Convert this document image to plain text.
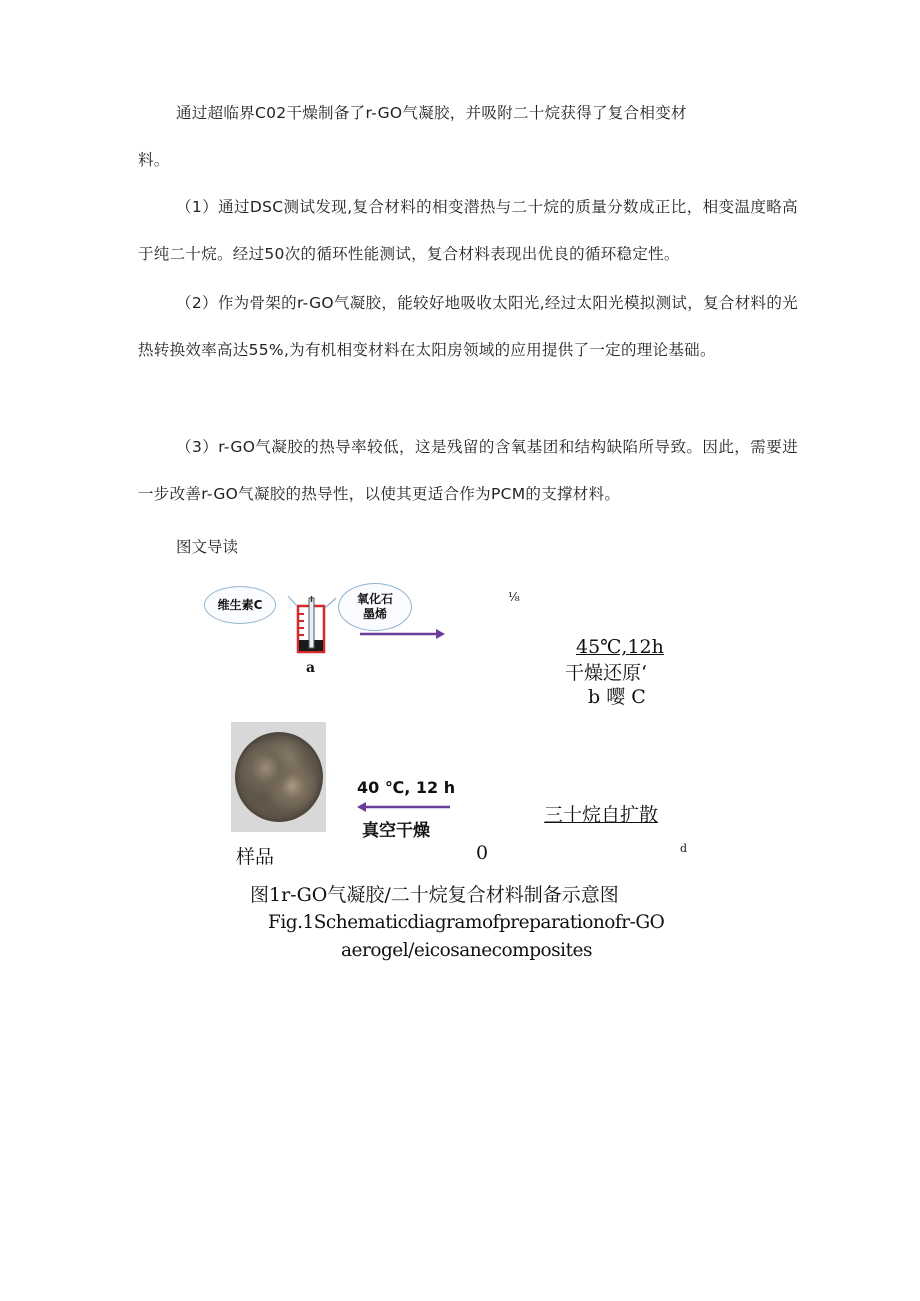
通过超临界C02干燥制备了r-GO气凝胶，并吸附二十烷获得了复合相变材
料。

（1）通过DSC测试发现,复合材料的相变潜热与二十烷的质量分数成正比，相变温度略高于纯二十烷。经过50次的循环性能测试，复合材料表现出优良的循环稳定性。

（2）作为骨架的r-GO气凝胶，能较好地吸收太阳光,经过太阳光模拟测试，复合材料的光热转换效率高达55%,为有机相变材料在太阳房领域的应用提供了一定的理论基础。

（3）r-GO气凝胶的热导率较低，这是残留的含氧基团和结构缺陷所导致。因此，需要进一步改善r-GO气凝胶的热导性，以使其更适合作为PCM的支撑材料。

图文导读
维生素C	氧化石墨烯
a
⅛
45℃,12h
干燥还原‘
b 嘤 C
40 ℃, 12 h
真空干燥
三十烷自扩散
样品	0	d
图1r-GO气凝胶/二十烷复合材料制备示意图
Fig.1Schematicdiagramofpreparationofr-GO
aerogel/eicosanecomposites
